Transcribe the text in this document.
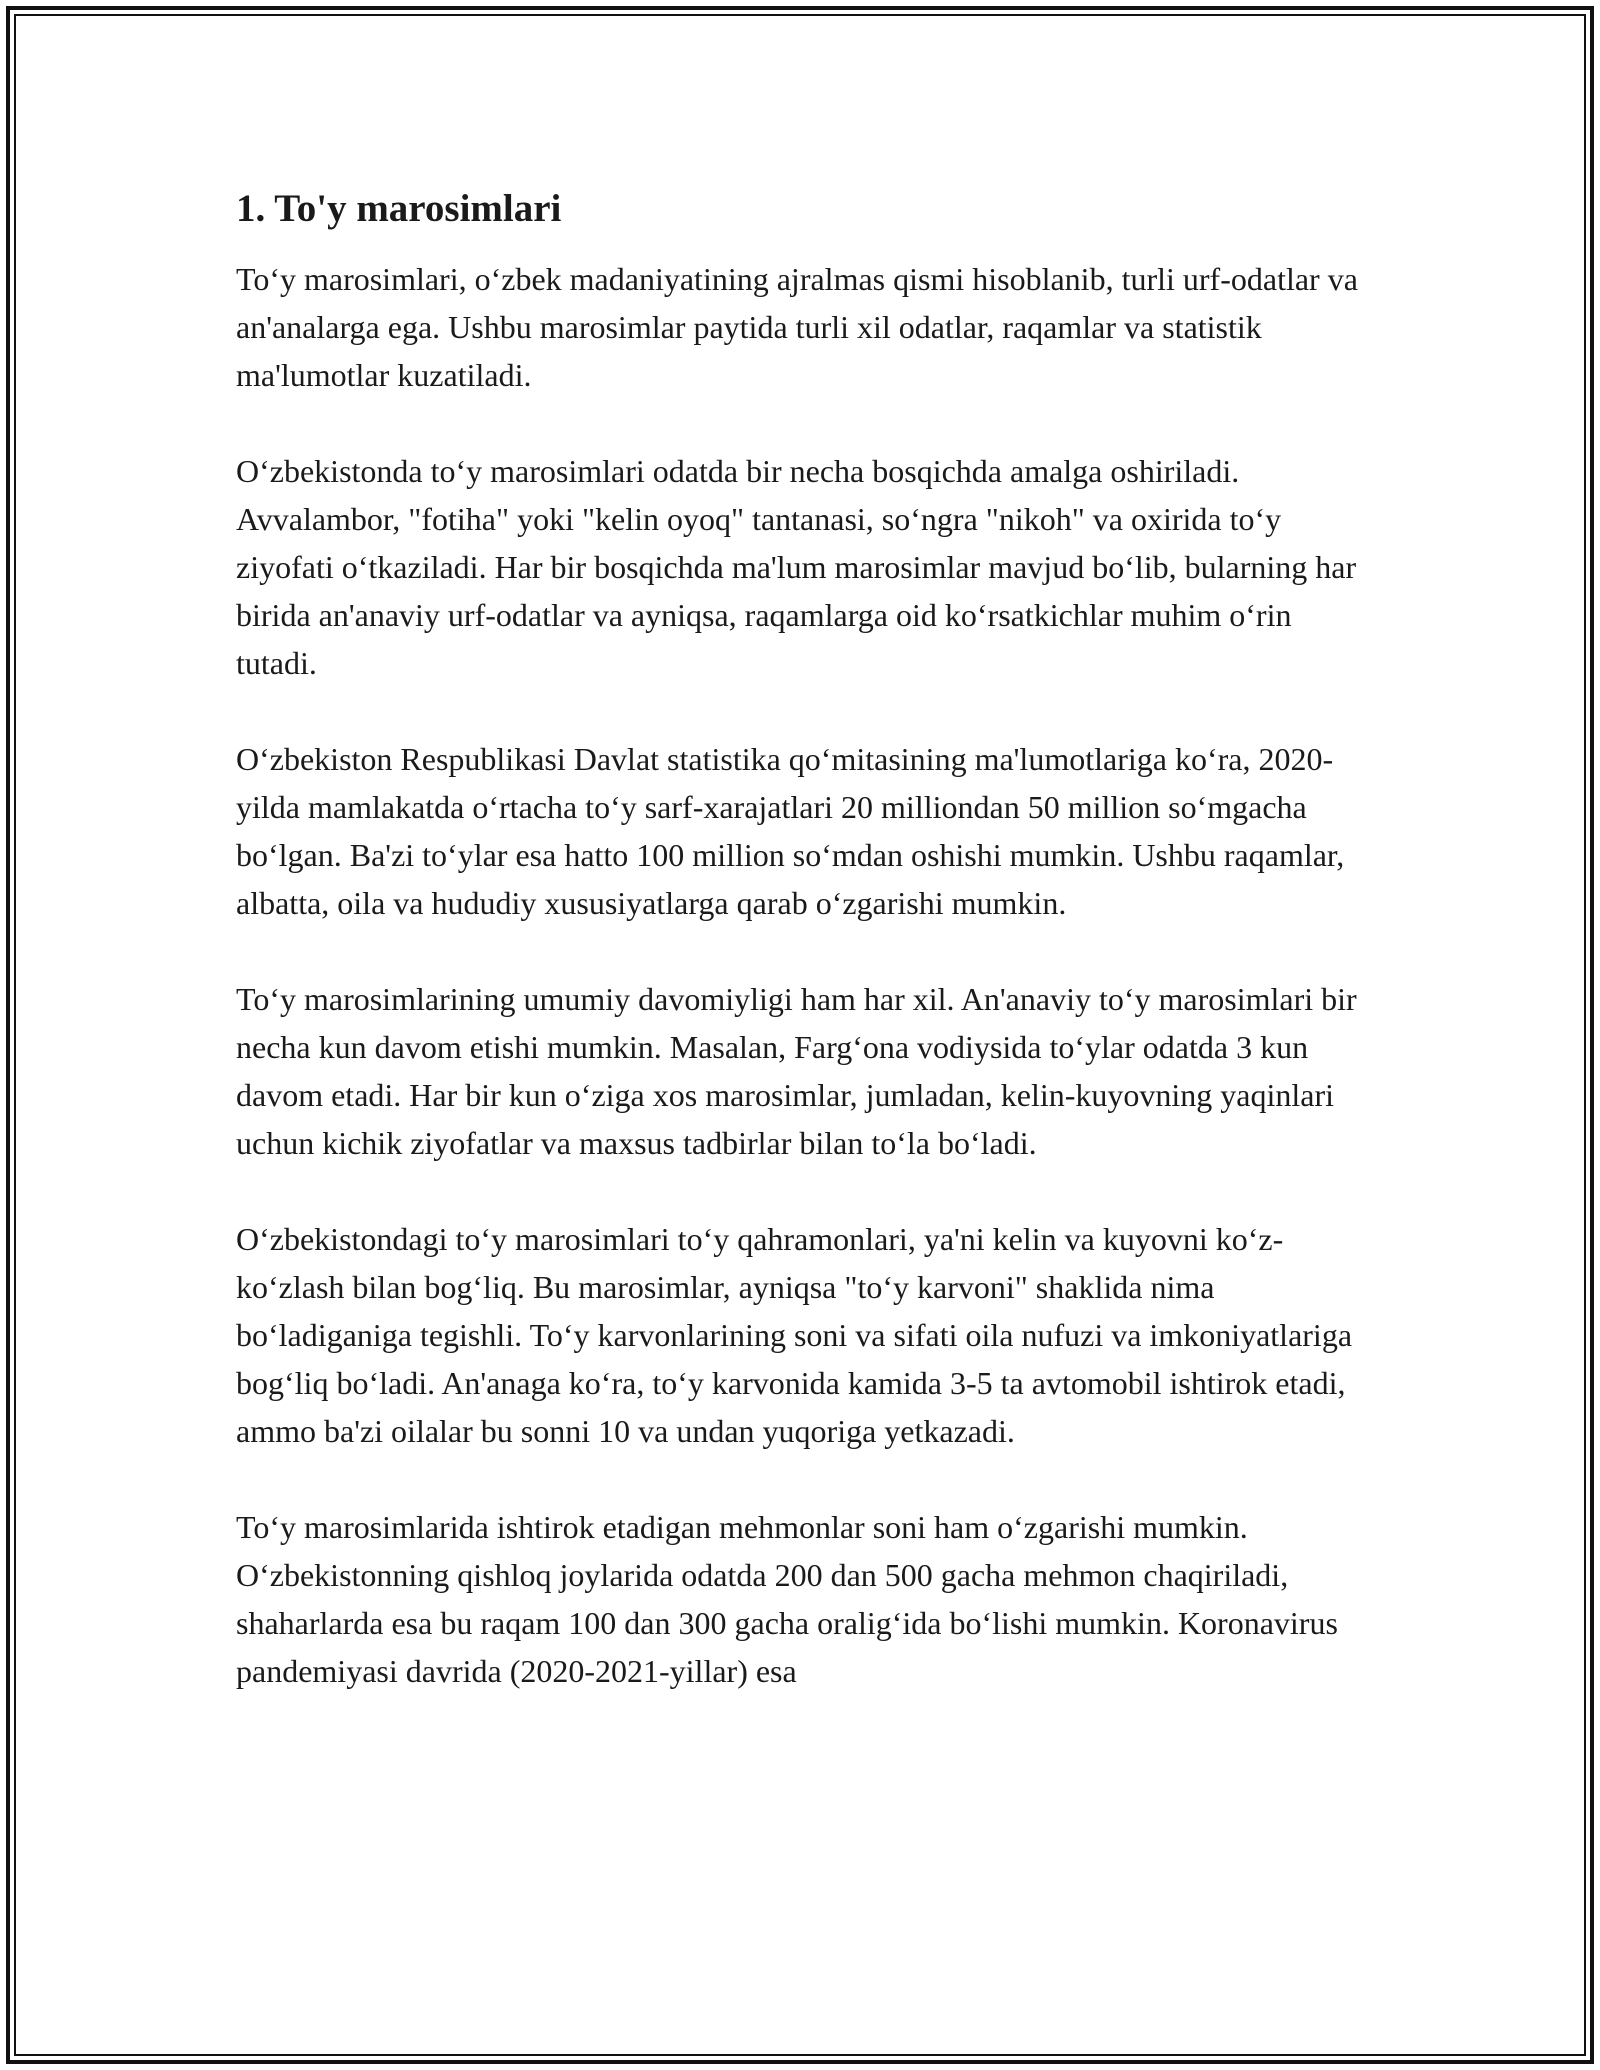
1. To'y marosimlari

To‘y marosimlari, o‘zbek madaniyatining ajralmas qismi hisoblanib, turli urf-odatlar va an'analarga ega. Ushbu marosimlar paytida turli xil odatlar, raqamlar va statistik ma'lumotlar kuzatiladi.

O‘zbekistonda to‘y marosimlari odatda bir necha bosqichda amalga oshiriladi. Avvalambor, "fotiha" yoki "kelin oyoq" tantanasi, so‘ngra "nikoh" va oxirida to‘y ziyofati o‘tkaziladi. Har bir bosqichda ma'lum marosimlar mavjud bo‘lib, bularning har birida an'anaviy urf-odatlar va ayniqsa, raqamlarga oid ko‘rsatkichlar muhim o‘rin tutadi.

O‘zbekiston Respublikasi Davlat statistika qo‘mitasining ma'lumotlariga ko‘ra, 2020-yilda mamlakatda o‘rtacha to‘y sarf-xarajatlari 20 milliondan 50 million so‘mgacha bo‘lgan. Ba'zi to‘ylar esa hatto 100 million so‘mdan oshishi mumkin. Ushbu raqamlar, albatta, oila va hududiy xususiyatlarga qarab o‘zgarishi mumkin.

To‘y marosimlarining umumiy davomiyligi ham har xil. An'anaviy to‘y marosimlari bir necha kun davom etishi mumkin. Masalan, Farg‘ona vodiysida to‘ylar odatda 3 kun davom etadi. Har bir kun o‘ziga xos marosimlar, jumladan, kelin-kuyovning yaqinlari uchun kichik ziyofatlar va maxsus tadbirlar bilan to‘la bo‘ladi.

O‘zbekistondagi to‘y marosimlari to‘y qahramonlari, ya'ni kelin va kuyovni ko‘z-ko‘zlash bilan bog‘liq. Bu marosimlar, ayniqsa "to‘y karvoni" shaklida nima bo‘ladiganiga tegishli. To‘y karvonlarining soni va sifati oila nufuzi va imkoniyatlariga bog‘liq bo‘ladi. An'anaga ko‘ra, to‘y karvonida kamida 3-5 ta avtomobil ishtirok etadi, ammo ba'zi oilalar bu sonni 10 va undan yuqoriga yetkazadi.

To‘y marosimlarida ishtirok etadigan mehmonlar soni ham o‘zgarishi mumkin. O‘zbekistonning qishloq joylarida odatda 200 dan 500 gacha mehmon chaqiriladi, shaharlarda esa bu raqam 100 dan 300 gacha oralig‘ida bo‘lishi mumkin. Koronavirus pandemiyasi davrida (2020-2021-yillar) esa
